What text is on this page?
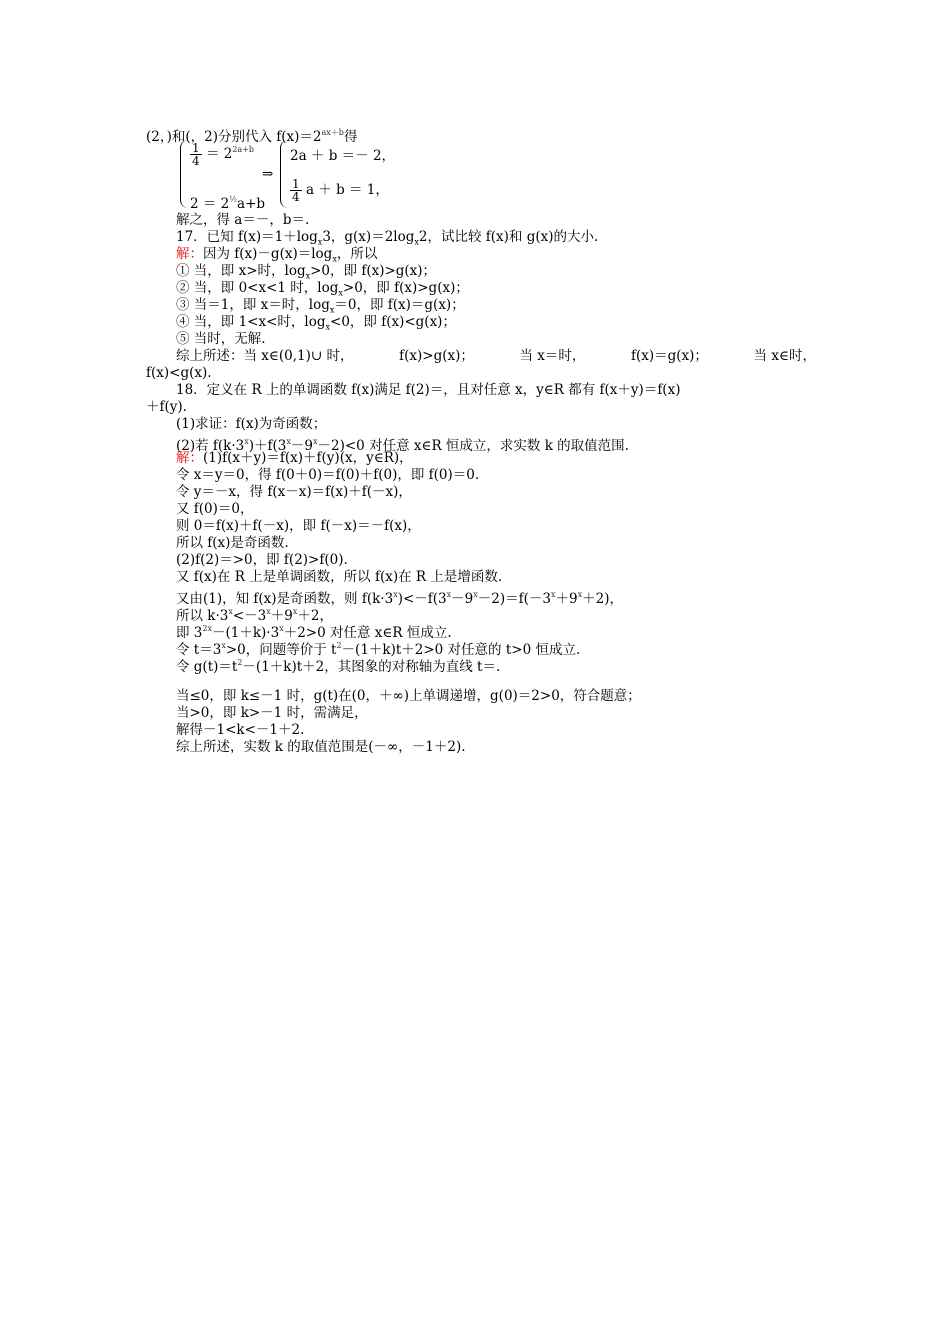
(2，)和(，2)分别代入 $f(x)=2^{ax+b}$得
$\frac{1}{4} = 2^{2a+b}$
$2 = 2^{\frac{1}{2}}a+b$
⇒
2a ＋ b ＝－ 2，
$\frac{1}{4}$ a ＋ b ＝ 1，
解之，得 a＝－，b＝.
17．已知 $f(x)=1+\log_x3$，$g(x)=2\log_x2$，试比较 f(x)和 g(x)的大小.
解：因为 $f(x)-g(x)=\log_x$，所以
① 当，即 x>时，$\log_x>0$，即 f(x)>g(x)；
② 当，即 0<x<1 时，$\log_x>0$，即 f(x)>g(x)；
③ 当＝1，即 x＝时，$\log_x=0$，即 f(x)＝g(x)；
④ 当，即 1<x<时，$\log_x<0$，即 f(x)<g(x)；
⑤ 当时，无解.
综上所述：当 x∈(0,1)∪ 时，	f(x)>g(x)；	当 x＝时，	f(x)＝g(x)；	当 x∈时，
f(x)<g(x).
18．定义在 R 上的单调函数 f(x)满足 f(2)＝，且对任意 x，y∈R 都有 f(x＋y)＝f(x)
＋f(y).
(1)求证：f(x)为奇函数；
(2)若 $f(k\cdot 3^x)+f(3^x-9^x-2)<0$ 对任意 x∈R 恒成立，求实数 k 的取值范围.
解：(1)f(x＋y)＝f(x)＋f(y)(x，y∈R)，
令 x＝y＝0，得 f(0＋0)＝f(0)＋f(0)，即 f(0)＝0.
令 y＝－x，得 f(x－x)＝f(x)＋f(－x)，
又 f(0)＝0，
则 0＝f(x)＋f(－x)，即 f(－x)＝－f(x)，
所以 f(x)是奇函数.
(2)f(2)＝>0，即 f(2)>f(0).
又 f(x)在 R 上是单调函数，所以 f(x)在 R 上是增函数.
又由(1)，知 f(x)是奇函数，则 $f(k\cdot 3^x)<-f(3^x-9^x-2)=f(-3^x+9^x+2)$，
所以 $k\cdot 3^x<-3^x+9^x+2$，
即 $3^{2x}-(1+k)\cdot 3^x+2>0$ 对任意 x∈R 恒成立.
令 $t=3^x>0$，问题等价于 $t^2-(1+k)t+2>0$ 对任意的 t>0 恒成立.
令 $g(t)=t^2-(1+k)t+2$，其图象的对称轴为直线 t＝.
当≤0，即 k≤－1 时，g(t)在(0，＋∞)上单调递增，g(0)＝2>0，符合题意；
当>0，即 k>－1 时，需满足，
解得－1<k<－1＋2.
综上所述，实数 k 的取值范围是(－∞，－1＋2).
